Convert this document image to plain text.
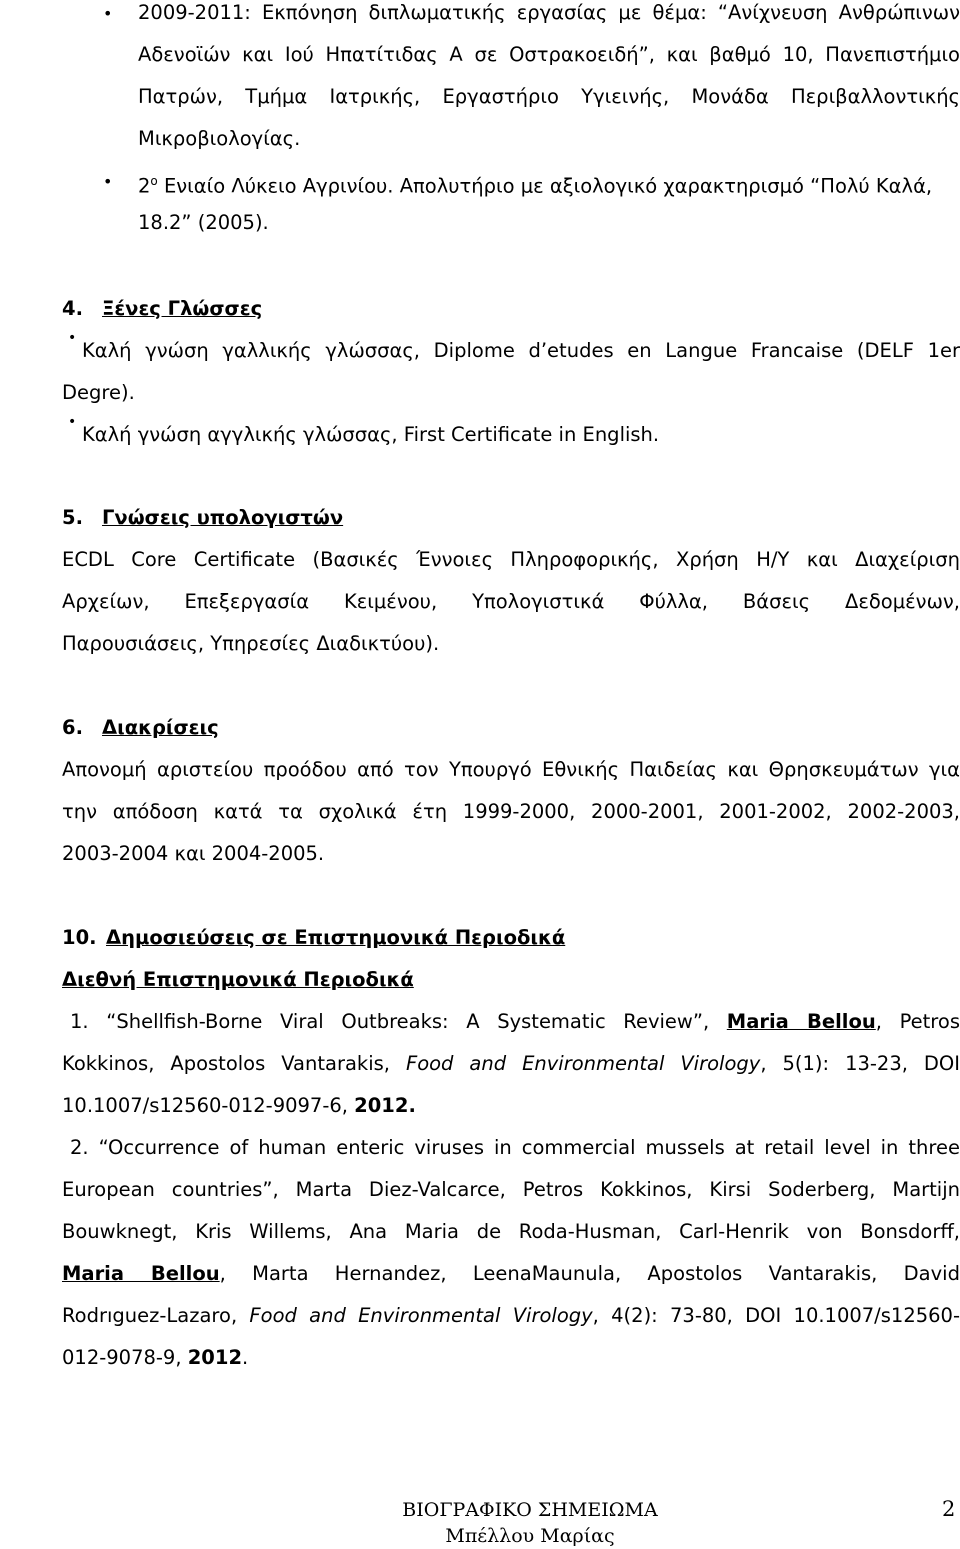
• 2009-2011: Εκπόνηση διπλωματικής εργασίας με θέμα: “Ανίχνευση Ανθρώπινων
Αδενοϊών και Ιού Ηπατίτιδας Α σε Οστρακοειδή”, και βαθμό 10, Πανεπιστήμιο
Πατρών, Τμήμα Ιατρικής, Εργαστήριο Υγιεινής, Μονάδα Περιβαλλοντικής
Μικροβιολογίας.
• $2^o$ Ενιαίο Λύκειο Αγρινίου. Απολυτήριο με αξιολογικό χαρακτηρισμό “Πολύ Καλά,
18.2” (2005).
4. Ξένες Γλώσσες
•
Καλή γνώση γαλλικής γλώσσας, Diplome d’etudes en Langue Francaise (DELF 1er
Degre).
•
Καλή γνώση αγγλικής γλώσσας, First Certificate in English.
5. Γνώσεις υπολογιστών
ECDL Core Certificate (Βασικές Έννοιες Πληροφορικής, Χρήση Η/Υ και Διαχείριση
Αρχείων, Επεξεργασία Κειμένου, Υπολογιστικά Φύλλα, Βάσεις Δεδομένων,
Παρουσιάσεις, Υπηρεσίες Διαδικτύου).
6. Διακρίσεις
Απονομή αριστείου προόδου από τον Υπουργό Εθνικής Παιδείας και Θρησκευμάτων για
την απόδοση κατά τα σχολικά έτη 1999-2000, 2000-2001, 2001-2002, 2002-2003,
2003-2004 και 2004-2005.
10. Δημοσιεύσεις σε Επιστημονικά Περιοδικά
Διεθνή Επιστημονικά Περιοδικά
1. “Shellfish-Borne Viral Outbreaks: A Systematic Review”, Maria Bellou, Petros
Kokkinos, Apostolos Vantarakis, Food and Environmental Virology, 5(1): 13-23, DOI
10.1007/s12560-012-9097-6, 2012.
2. “Occurrence of human enteric viruses in commercial mussels at retail level in three
European countries”, Marta Diez-Valcarce, Petros Kokkinos, Kirsi Soderberg, Martijn
Bouwknegt, Kris Willems, Ana Maria de Roda-Husman, Carl-Henrik von Bonsdorff,
Maria Bellou, Marta Hernandez, LeenaMaunula, Apostolos Vantarakis, David
Rodrıguez-Lazaro, Food and Environmental Virology, 4(2): 73-80, DOI 10.1007/s12560-
012-9078-9, 2012.
ΒΙΟΓΡΑΦΙΚΟ ΣΗΜΕΙΩΜΑ
Μπέλλου Μαρίας
2
